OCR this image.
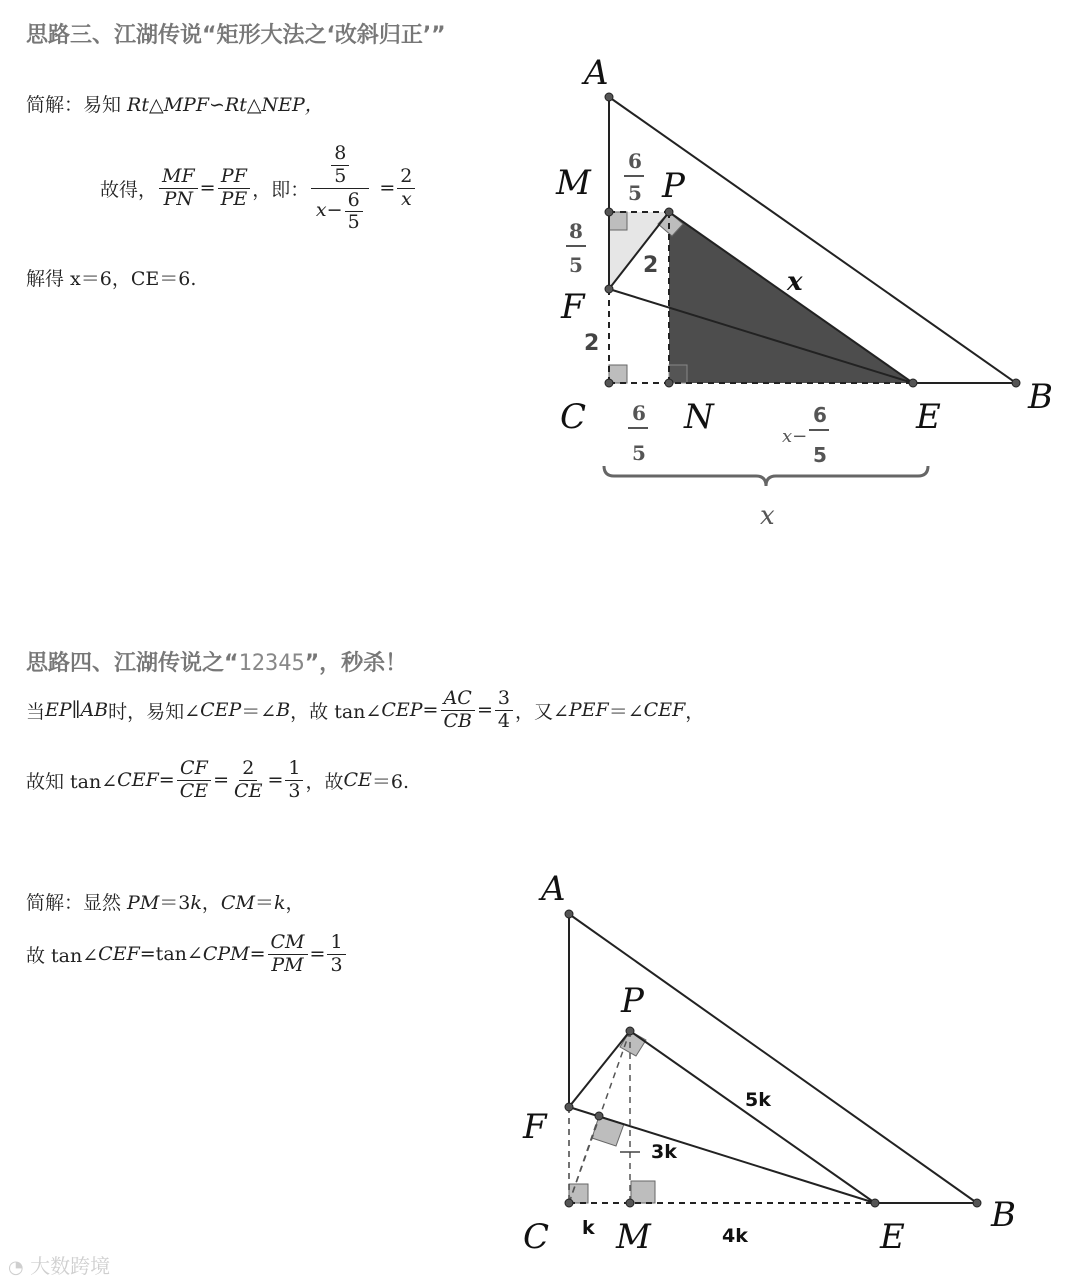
思路三、江湖传说“矩形大法之‘改斜归正’”
简解：易知 Rt△MPF∽Rt△NEP，
故得， $\frac{MF}{PN} = \frac{PF}{PE}$ ，即： $\frac{\frac{8}{5}}{x- \frac{6}{5}} = \frac{2}{x}$
解得 x＝6，CE＝6.
A
M P
F
C	N	E	B
6
5
8
5	2
2
x
6
5
x−
6
5
x
思路四、江湖传说之“12345”，秒杀！
当 EP∥AB 时，易知∠ CEP ＝∠ B ，故 tan∠ CEP = $\frac{AC}{CB} = \frac{3}{4}$ ，又∠ PEF ＝∠ CEF ，
故知 tan∠ CEF = $\frac{CF}{CE} = \frac{2}{CE} = \frac{1}{3}$ ，故 CE ＝6.
简解：显然 PM＝3k，CM＝k，
故 tan∠ CEF =tan∠ CPM = $\frac{CM}{PM} = \frac{1}{3}$
A
P
F
C M	E
B
5k
3k
k	4k
◔ 大数跨境
